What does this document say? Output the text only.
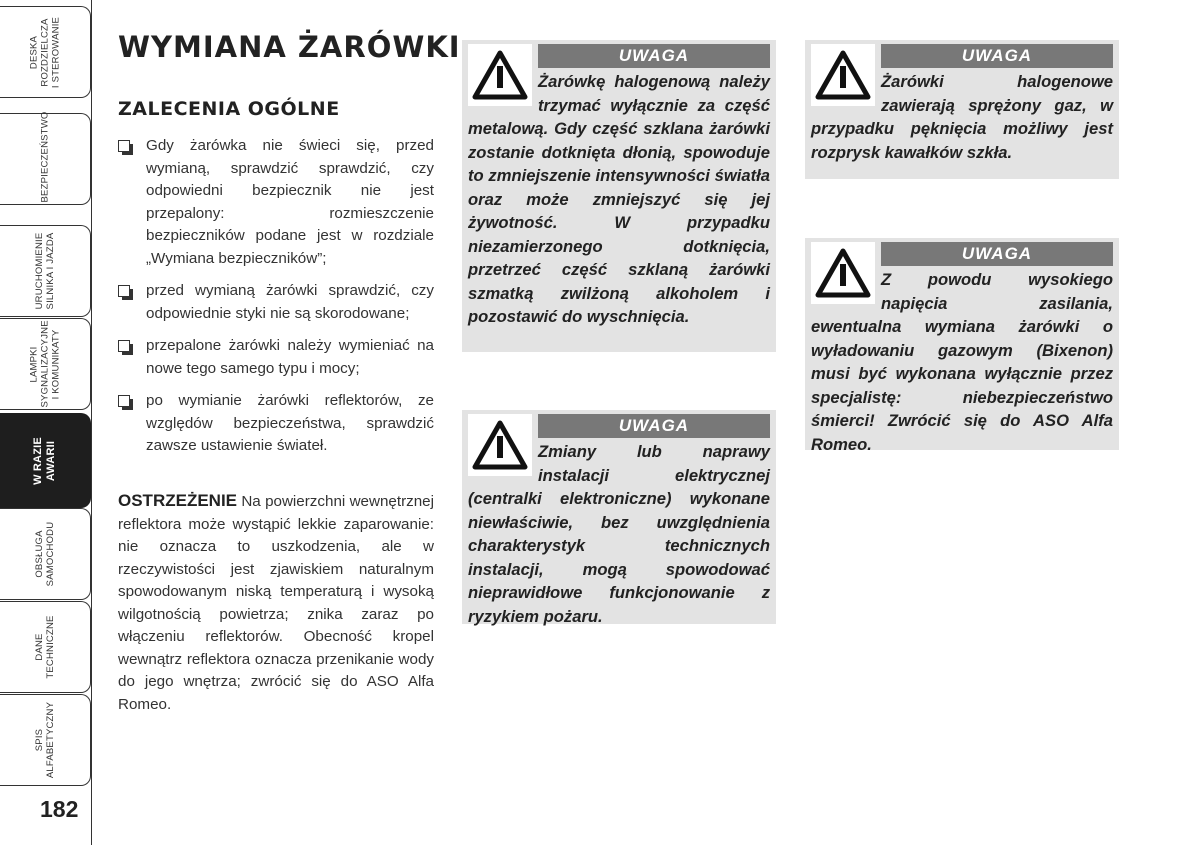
DESKA
ROZDZIELCZA
I STEROWANIE
BEZPIECZEŃSTWO
URUCHOMIENIE
SILNIKA I JAZDA
LAMPKI
SYGNALIZACYJNE
I KOMUNIKATY
W RAZIE
AWARII
OBSŁUGA
SAMOCHODU
DANE
TECHNICZNE
SPIS
ALFABETYCZNY
182
WYMIANA ŻARÓWKI
ZALECENIA OGÓLNE
Gdy żarówka nie świeci się, przed wymianą, sprawdzić sprawdzić, czy odpowiedni bezpiecznik nie jest przepalony: rozmieszczenie bezpieczników podane jest w rozdziale „Wymiana bezpieczników”;
przed wymianą żarówki sprawdzić, czy odpowiednie styki nie są skorodowane;
przepalone żarówki należy wymieniać na nowe tego samego typu i mocy;
po wymianie żarówki reflektorów, ze względów bezpieczeństwa, sprawdzić zawsze ustawienie świateł.

OSTRZEŻENIE Na powierzchni wewnętrznej reflektora może wystąpić lekkie zaparowanie: nie oznacza to uszkodzenia, ale w rzeczywistości jest zjawiskiem naturalnym spowodowanym niską temperaturą i wysoką wilgotnością powietrza; znika zaraz po włączeniu reflektorów. Obecność kropel wewnątrz reflektora oznacza przenikanie wody do jego wnętrza; zwrócić się do ASO Alfa Romeo.

UWAGA

Żarówkę halogenową należy trzymać wyłącznie za część metalową. Gdy część szklana żarówki zostanie dotknięta dłonią, spowoduje to zmniejszenie intensywności światła oraz może zmniejszyć się jej żywotność. W przypadku niezamierzonego dotknięcia, przetrzeć część szklaną żarówki szmatką zwilżoną alkoholem i pozostawić do wyschnięcia.

UWAGA

Zmiany lub naprawy instalacji elektrycznej (centralki elektroniczne) wykonane niewłaściwie, bez uwzględnienia charakterystyk technicznych instalacji, mogą spowodować nieprawidłowe funkcjonowanie z ryzykiem pożaru.

UWAGA

Żarówki halogenowe zawierają sprężony gaz, w przypadku pęknięcia możliwy jest rozprysk kawałków szkła.

UWAGA

Z powodu wysokiego napięcia zasilania, ewentualna wymiana żarówki o wyładowaniu gazowym (Bixenon) musi być wykonana wyłącznie przez specjalistę: niebezpieczeństwo śmierci! Zwrócić się do ASO Alfa Romeo.
